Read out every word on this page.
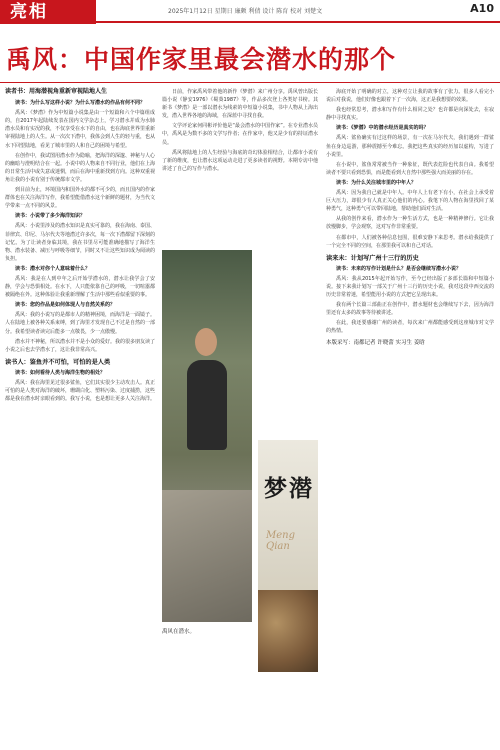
亮相	2025年1月12日 星期日 廉颇 利倩 设计 陈育 校对 刘楚文	A10
禹风：中国作家里最会潜水的那个
读者书：用海潜视角重新审视陆地人生

读书：为什么写这样小说？为什么写潜水的作品有何不同？

禹风：《梦潜》作为中短篇小说集是由一个短篇和六个中篇组成的，自2017年起陆续发表在国内文学杂志上，学习潜水并成为水肺潜水员和有实况的我，不仅享受在水下的自由，也在海底世界里重新审视陆地上的人生。从一次次下潜中，我体会到人生的轻与重，也从水下回望陆地，看见了城市里的人和自己的困境与希望。

在创作中，我试图用潜水作为隐喻，把海洋的深邃、神秘与人心的幽暗与澄明结合在一起。小说中的人物来自不同行业，他们在上海的日常生活中或失意或迷惘，而后在海中重新找到方向。这种双重视角让我的小说有别于传统都市文学。

到目前为止，环境国内和国外水的都不可少的，而且国内的作家群体也在关注海洋写作，我希望能借潜水这个新鲜的题材，为当代文学带来一点不同的风景。

读书：小说带了多少海洋知识？

禹风：小说里涉及的潜水知识是真实可靠的，我在海南、泰国、菲律宾、印尼、马尔代夫等地潜过许多次，每一次下潜都留下深刻的记忆。为了让读者身临其境，我在书里尽可能准确地描写了海洋生物、潜水装备、减压与呼吸等细节，同时又不让这些知识成为阅读的负担。

读书：潜水对你个人意味着什么？

禹风：我是在人到中年之后开始学潜水的，潜水让我学会了安静，学会与恐惧相处。在水下，人只能依靠自己的呼吸，一切喧嚣都被隔绝在外。这种体验让我重新理解了生活中那些看似重要的事。

读书：您的作品是如何体现人与自然关系的？

禹风：我的小说写的是都市人的精神困境，而海洋是一面镜子。人在陆地上被各种关系束缚，到了海里才发现自己不过是自然的一部分。我希望读者读完后能多一点敬畏，少一点傲慢。

潜水并不神秘，所以潜水并不是小众的爱好。我的很多朋友读了小说之后也去学潜水了，这让我非常高兴。

读书人：鉴鱼并不可怕，可怕的是人类

读书：如何看待人类与海洋生物的相处？

禹风：我在海里见过很多鲨鱼，它们其实很少主动攻击人。真正可怕的是人类对海洋的破坏，珊瑚白化、塑料污染、过度捕捞，这些都是我在潜水时亲眼看到的。我写小说，也是想让更多人关注海洋。

日前，作家禹风带着他的新作《梦潜》来广州分享。禹风曾出版长篇小说《静安1976》《蜀葵1987》等，作品多次登上各类好书榜。其新书《梦潜》是一部以潜水为线索的中短篇小说集，书中人物从上海出发，潜入世界各地的海域，在深蓝中寻找自我。

文学评论家何同彬评价他是“最会潜水的中国作家”。在专业潜水员中，禹风是为数不多的文学写作者；在作家中，他又是少有的持证潜水员。

禹风将陆地上的人生经验与海底的奇幻体验相结合，让都市小说有了新的维度，也让潜水这项运动走进了更多读者的视野。本期专访中他讲述了自己的写作与潜水。

禹风在潜水。
梦潜
Meng Qian

海底开始了明确的对立，这种对立让我的故事有了张力。很多人看完小说后对我说，他们好像也跟着下了一次海，这正是我想要的效果。

我也经常思考，潜水和写作有什么相同之处？也许都是向深处去，在寂静中寻找真实。

读书：《梦潜》中的潜水经历是真实的吗？

禹风：鲨鱼确实有过这样的场景，有一次在马尔代夫，我们遇到一群鲨鱼在身边巡游，那种震撼至今难忘。我把这些真实的经历加以虚构，写进了小说里。

在小说中，鲨鱼常常被当作一种象征，既代表危险也代表自由。我希望读者不要只看到恐惧，而是能看到大自然中那些强大而美丽的存在。

读书：为什么关注城市里的中年人？

禹风：因为我自己就是中年人。中年人上有老下有小，在社会上承受着巨大压力，却很少有人真正关心他们的内心。我笔下的人物在海里找回了某种勇气，这种勇气可以带回陆地，帮助他们面对生活。

从我的创作来看，潜水作为一种生活方式，也是一种精神修行。它让我放慢脚步，学会观察，这对写作非常重要。

在都市中，人们被各种信息包围，很难安静下来思考。潜水给我提供了一个完全不同的空间，在那里我可以和自己对话。

读来未：计划写广州十三行的历史

读书：未来的写作计划是什么？是否会继续写潜水小说？

禹风：我从2015年起开始写作，至今已经出版了多部长篇和中短篇小说。接下来我计划写一部关于广州十三行的历史小说，我对这段中西交流的历史非常着迷，希望能用小说的方式把它呈现出来。

我有两个长篇三部曲正在创作中，潜水题材也会继续写下去，因为海洋里还有太多的故事等待被讲述。

在此，我还要感谢广州的读者，每次来广州都能感受到这座城市对文学的热情。

本版采写：南都记者 许晓蕾 实习生 姜晗
